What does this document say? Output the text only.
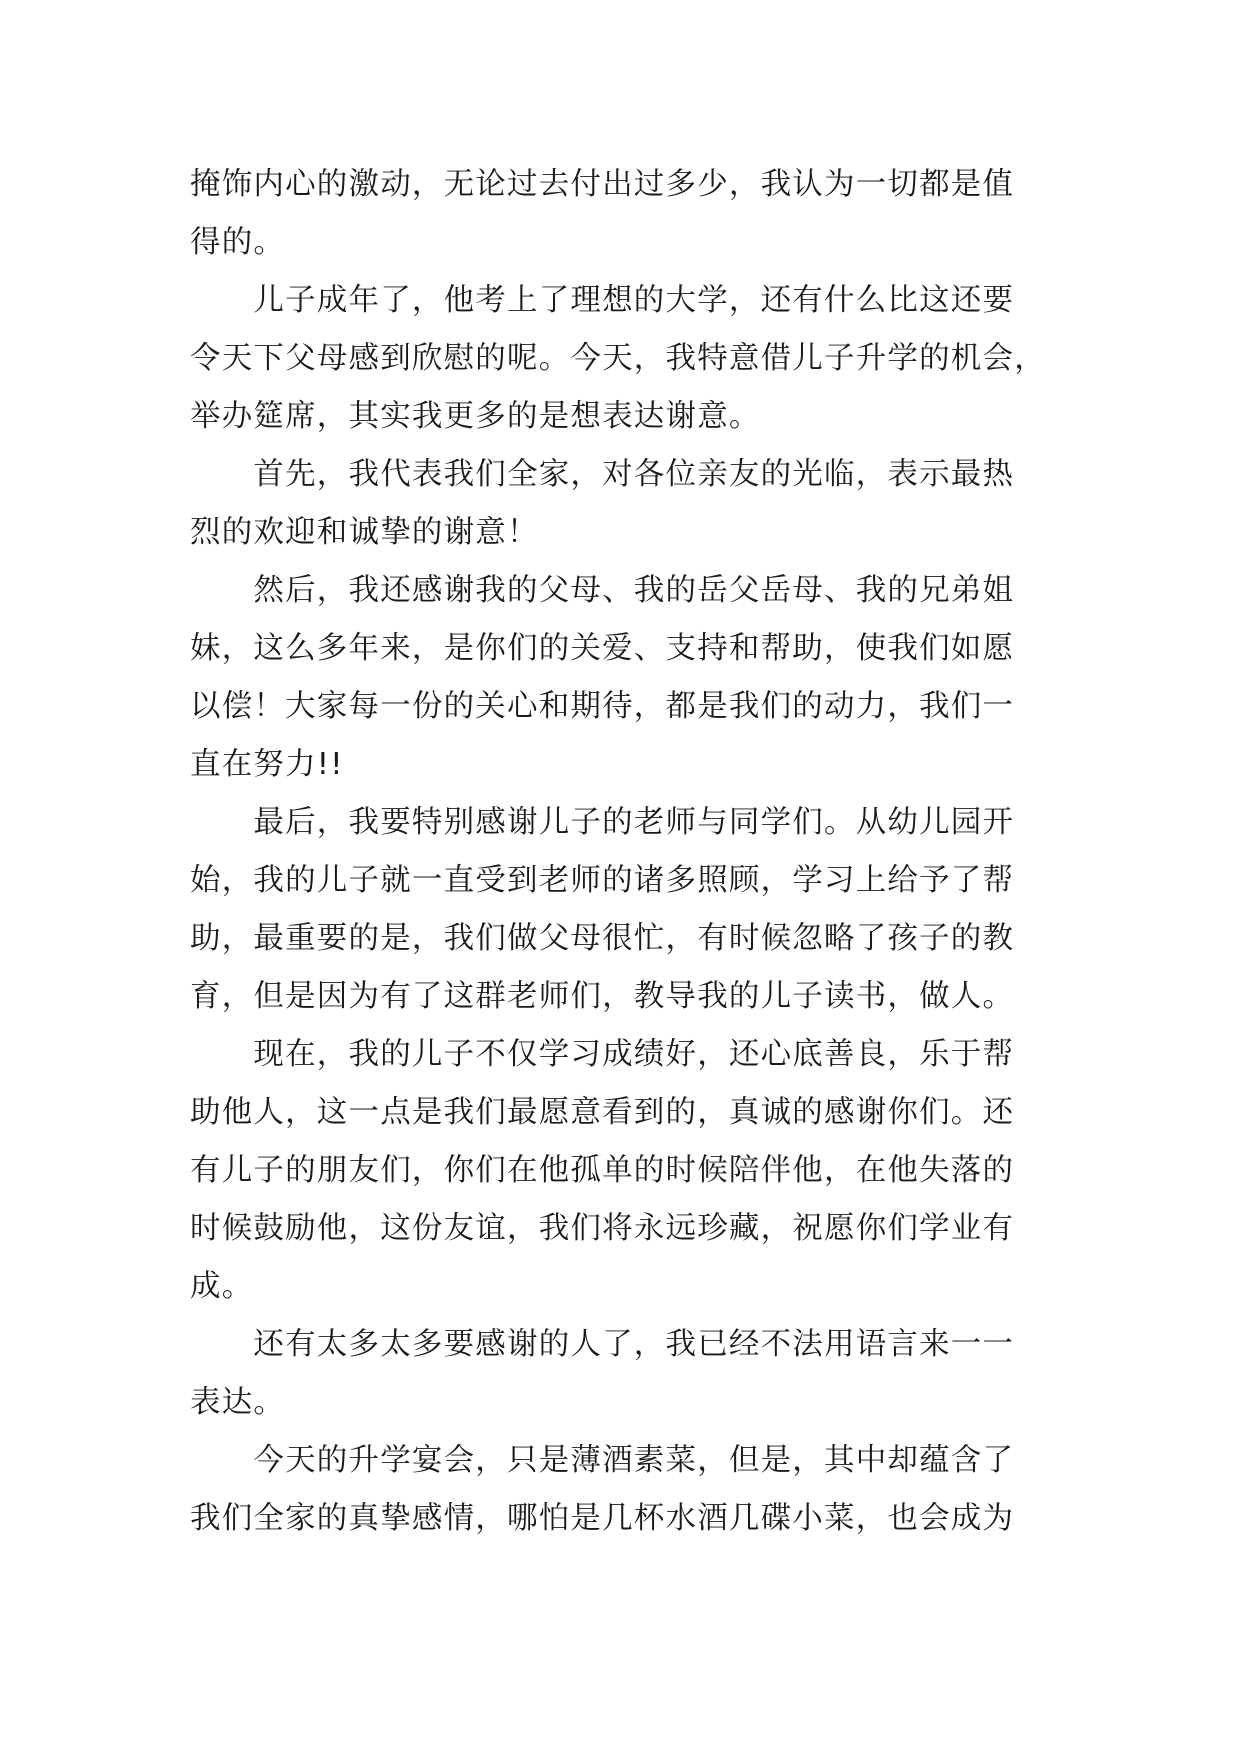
掩饰内心的激动，无论过去付出过多少，我认为一切都是值
得的。
　　儿子成年了，他考上了理想的大学，还有什么比这还要
令天下父母感到欣慰的呢。今天，我特意借儿子升学的机会，
举办筵席，其实我更多的是想表达谢意。
　　首先，我代表我们全家，对各位亲友的光临，表示最热
烈的欢迎和诚挚的谢意！
　　然后，我还感谢我的父母、我的岳父岳母、我的兄弟姐
妹，这么多年来，是你们的关爱、支持和帮助，使我们如愿
以偿！大家每一份的关心和期待，都是我们的动力，我们一
直在努力!!
　　最后，我要特别感谢儿子的老师与同学们。从幼儿园开
始，我的儿子就一直受到老师的诸多照顾，学习上给予了帮
助，最重要的是，我们做父母很忙，有时候忽略了孩子的教
育，但是因为有了这群老师们，教导我的儿子读书，做人。
　　现在，我的儿子不仅学习成绩好，还心底善良，乐于帮
助他人，这一点是我们最愿意看到的，真诚的感谢你们。还
有儿子的朋友们，你们在他孤单的时候陪伴他，在他失落的
时候鼓励他，这份友谊，我们将永远珍藏，祝愿你们学业有
成。
　　还有太多太多要感谢的人了，我已经不法用语言来一一
表达。
　　今天的升学宴会，只是薄酒素菜，但是，其中却蕴含了
我们全家的真挚感情，哪怕是几杯水酒几碟小菜，也会成为
